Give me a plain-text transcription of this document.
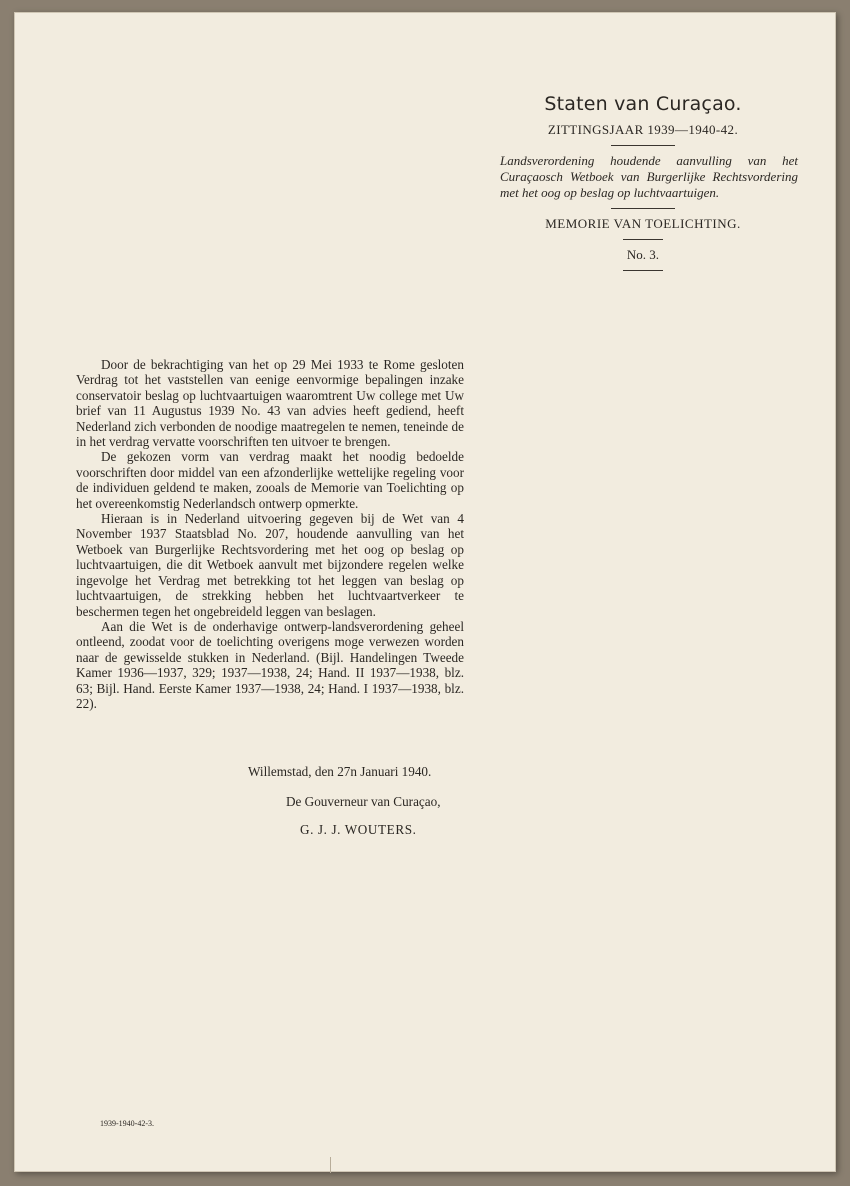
Staten van Curaçao.
ZITTINGSJAAR 1939—1940-42.
Landsverordening houdende aanvulling van het Curaçaosch Wetboek van Burgerlijke Rechtsvordering met het oog op beslag op luchtvaartuigen.
MEMORIE VAN TOELICHTING.
No. 3.

Door de bekrachtiging van het op 29 Mei 1933 te Rome gesloten Verdrag tot het vaststellen van eenige eenvormige bepalingen inzake conservatoir beslag op luchtvaartuigen waaromtrent Uw college met Uw brief van 11 Augustus 1939 No. 43 van advies heeft gediend, heeft Nederland zich verbonden de noodige maatregelen te nemen, teneinde de in het verdrag vervatte voorschriften ten uitvoer te brengen.

De gekozen vorm van verdrag maakt het noodig bedoelde voorschriften door middel van een afzonderlijke wettelijke regeling voor de individuen geldend te maken, zooals de Memorie van Toelichting op het overeenkomstig Nederlandsch ontwerp opmerkte.

Hieraan is in Nederland uitvoering gegeven bij de Wet van 4 November 1937 Staatsblad No. 207, houdende aanvulling van het Wetboek van Burgerlijke Rechtsvordering met het oog op beslag op luchtvaartuigen, die dit Wetboek aanvult met bijzondere regelen welke ingevolge het Verdrag met betrekking tot het leggen van beslag op luchtvaartuigen, de strekking hebben het luchtvaartverkeer te beschermen tegen het ongebreideld leggen van beslagen.

Aan die Wet is de onderhavige ontwerp-landsverordening geheel ontleend, zoodat voor de toelichting overigens moge verwezen worden naar de gewisselde stukken in Nederland. (Bijl. Handelingen Tweede Kamer 1936—1937, 329; 1937—1938, 24; Hand. II 1937—1938, blz. 63; Bijl. Hand. Eerste Kamer 1937—1938, 24; Hand. I 1937—1938, blz. 22).

Willemstad, den 27n Januari 1940.
De Gouverneur van Curaçao,
G. J. J. WOUTERS.
1939-1940-42-3.
